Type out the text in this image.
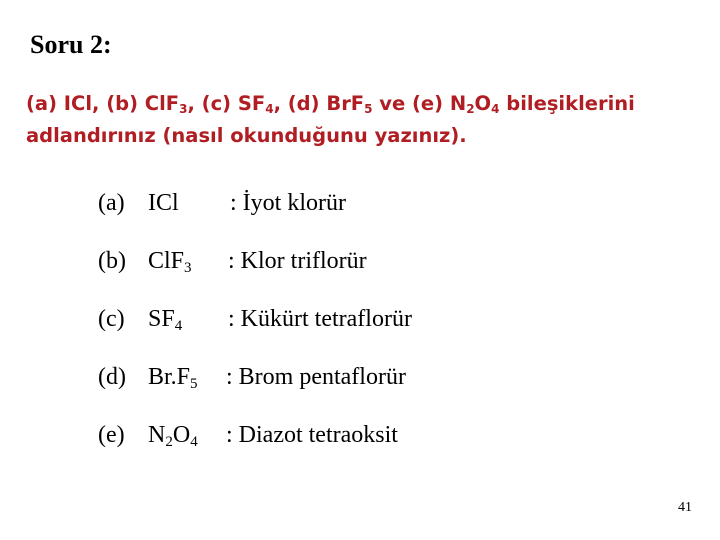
Soru 2:
(a) ICl, (b) ClF$_3$, (c) $SF_4$, (d) BrF$_5$ ve (e) $N_2O_4$ bileşiklerini
adlandırınız (nasıl okunduğunu yazınız).
(a) ICl : İyot klorür
(b) ClF$_3$ : Klor triflorür
(c) $SF_4$ : Kükürt tetraflorür
(d) $Br.F_5$ : Brom pentaflorür
(e) $N_2O_4$ : Diazot tetraoksit
41
